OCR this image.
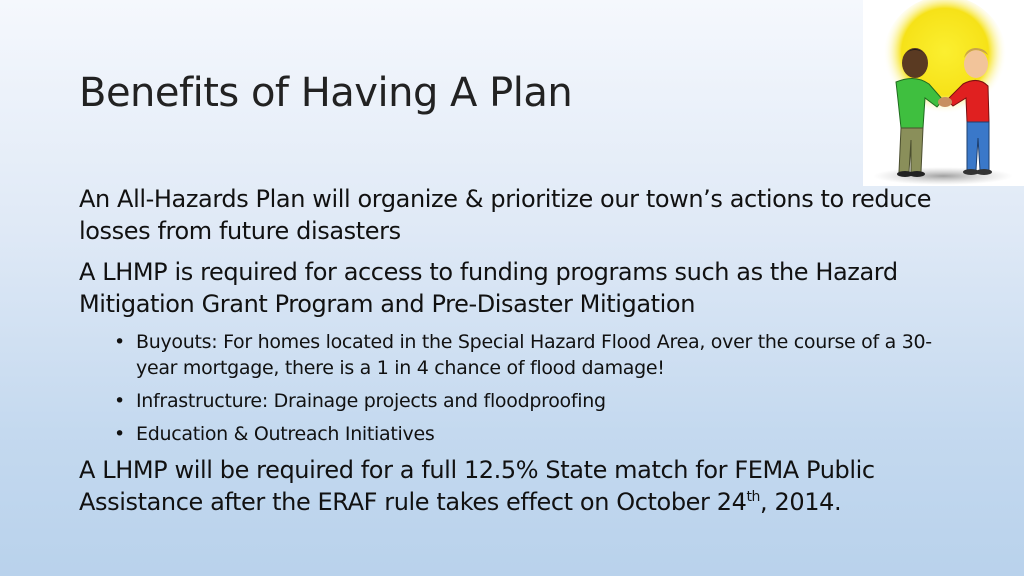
Benefits of Having A Plan

An All-Hazards Plan will organize & prioritize our town’s actions to reduce losses from future disasters

A LHMP is required for access to funding programs such as the Hazard Mitigation Grant Program and Pre-Disaster Mitigation

• Buyouts: For homes located in the Special Hazard Flood Area, over the course of a 30-year mortgage, there is a 1 in 4 chance of flood damage!
• Infrastructure: Drainage projects and floodproofing
• Education & Outreach Initiatives

A LHMP will be required for a full 12.5% State match for FEMA Public Assistance after the ERAF rule takes effect on October 24th, 2014.
